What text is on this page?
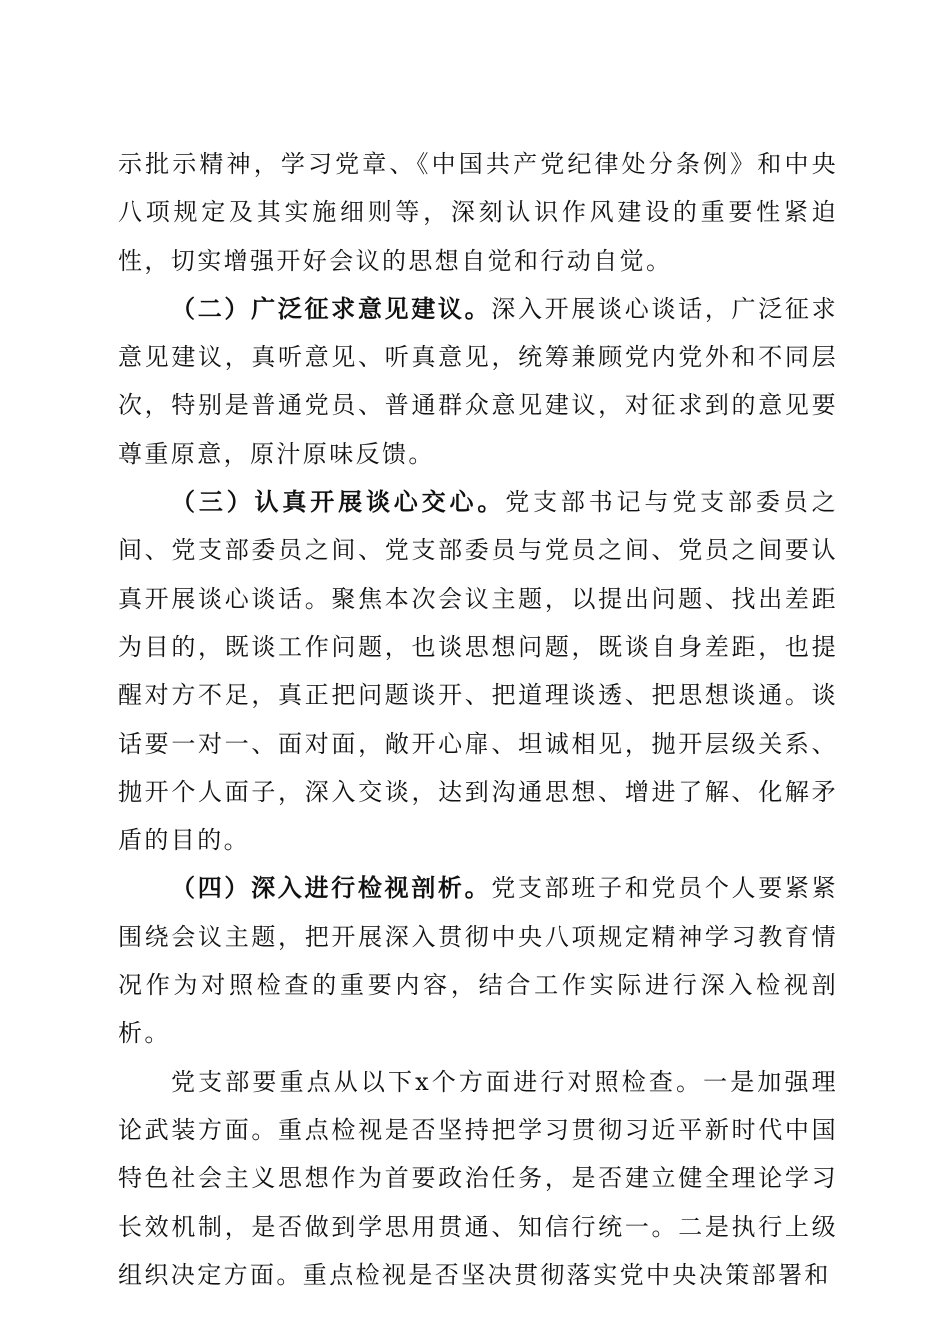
示批示精神，学习党章、《中国共产党纪律处分条例》和中央八项规定及其实施细则等，深刻认识作风建设的重要性紧迫性，切实增强开好会议的思想自觉和行动自觉。

（二）广泛征求意见建议。深入开展谈心谈话，广泛征求意见建议，真听意见、听真意见，统筹兼顾党内党外和不同层次，特别是普通党员、普通群众意见建议，对征求到的意见要尊重原意，原汁原味反馈。

（三）认真开展谈心交心。党支部书记与党支部委员之间、党支部委员之间、党支部委员与党员之间、党员之间要认真开展谈心谈话。聚焦本次会议主题，以提出问题、找出差距为目的，既谈工作问题，也谈思想问题，既谈自身差距，也提醒对方不足，真正把问题谈开、把道理谈透、把思想谈通。谈话要一对一、面对面，敞开心扉、坦诚相见，抛开层级关系、抛开个人面子，深入交谈，达到沟通思想、增进了解、化解矛盾的目的。

（四）深入进行检视剖析。党支部班子和党员个人要紧紧围绕会议主题，把开展深入贯彻中央八项规定精神学习教育情况作为对照检查的重要内容，结合工作实际进行深入检视剖析。

党支部要重点从以下x个方面进行对照检查。一是加强理论武装方面。重点检视是否坚持把学习贯彻习近平新时代中国特色社会主义思想作为首要政治任务，是否建立健全理论学习长效机制，是否做到学思用贯通、知信行统一。二是执行上级组织决定方面。重点检视是否坚决贯彻落实党中央决策部署和
